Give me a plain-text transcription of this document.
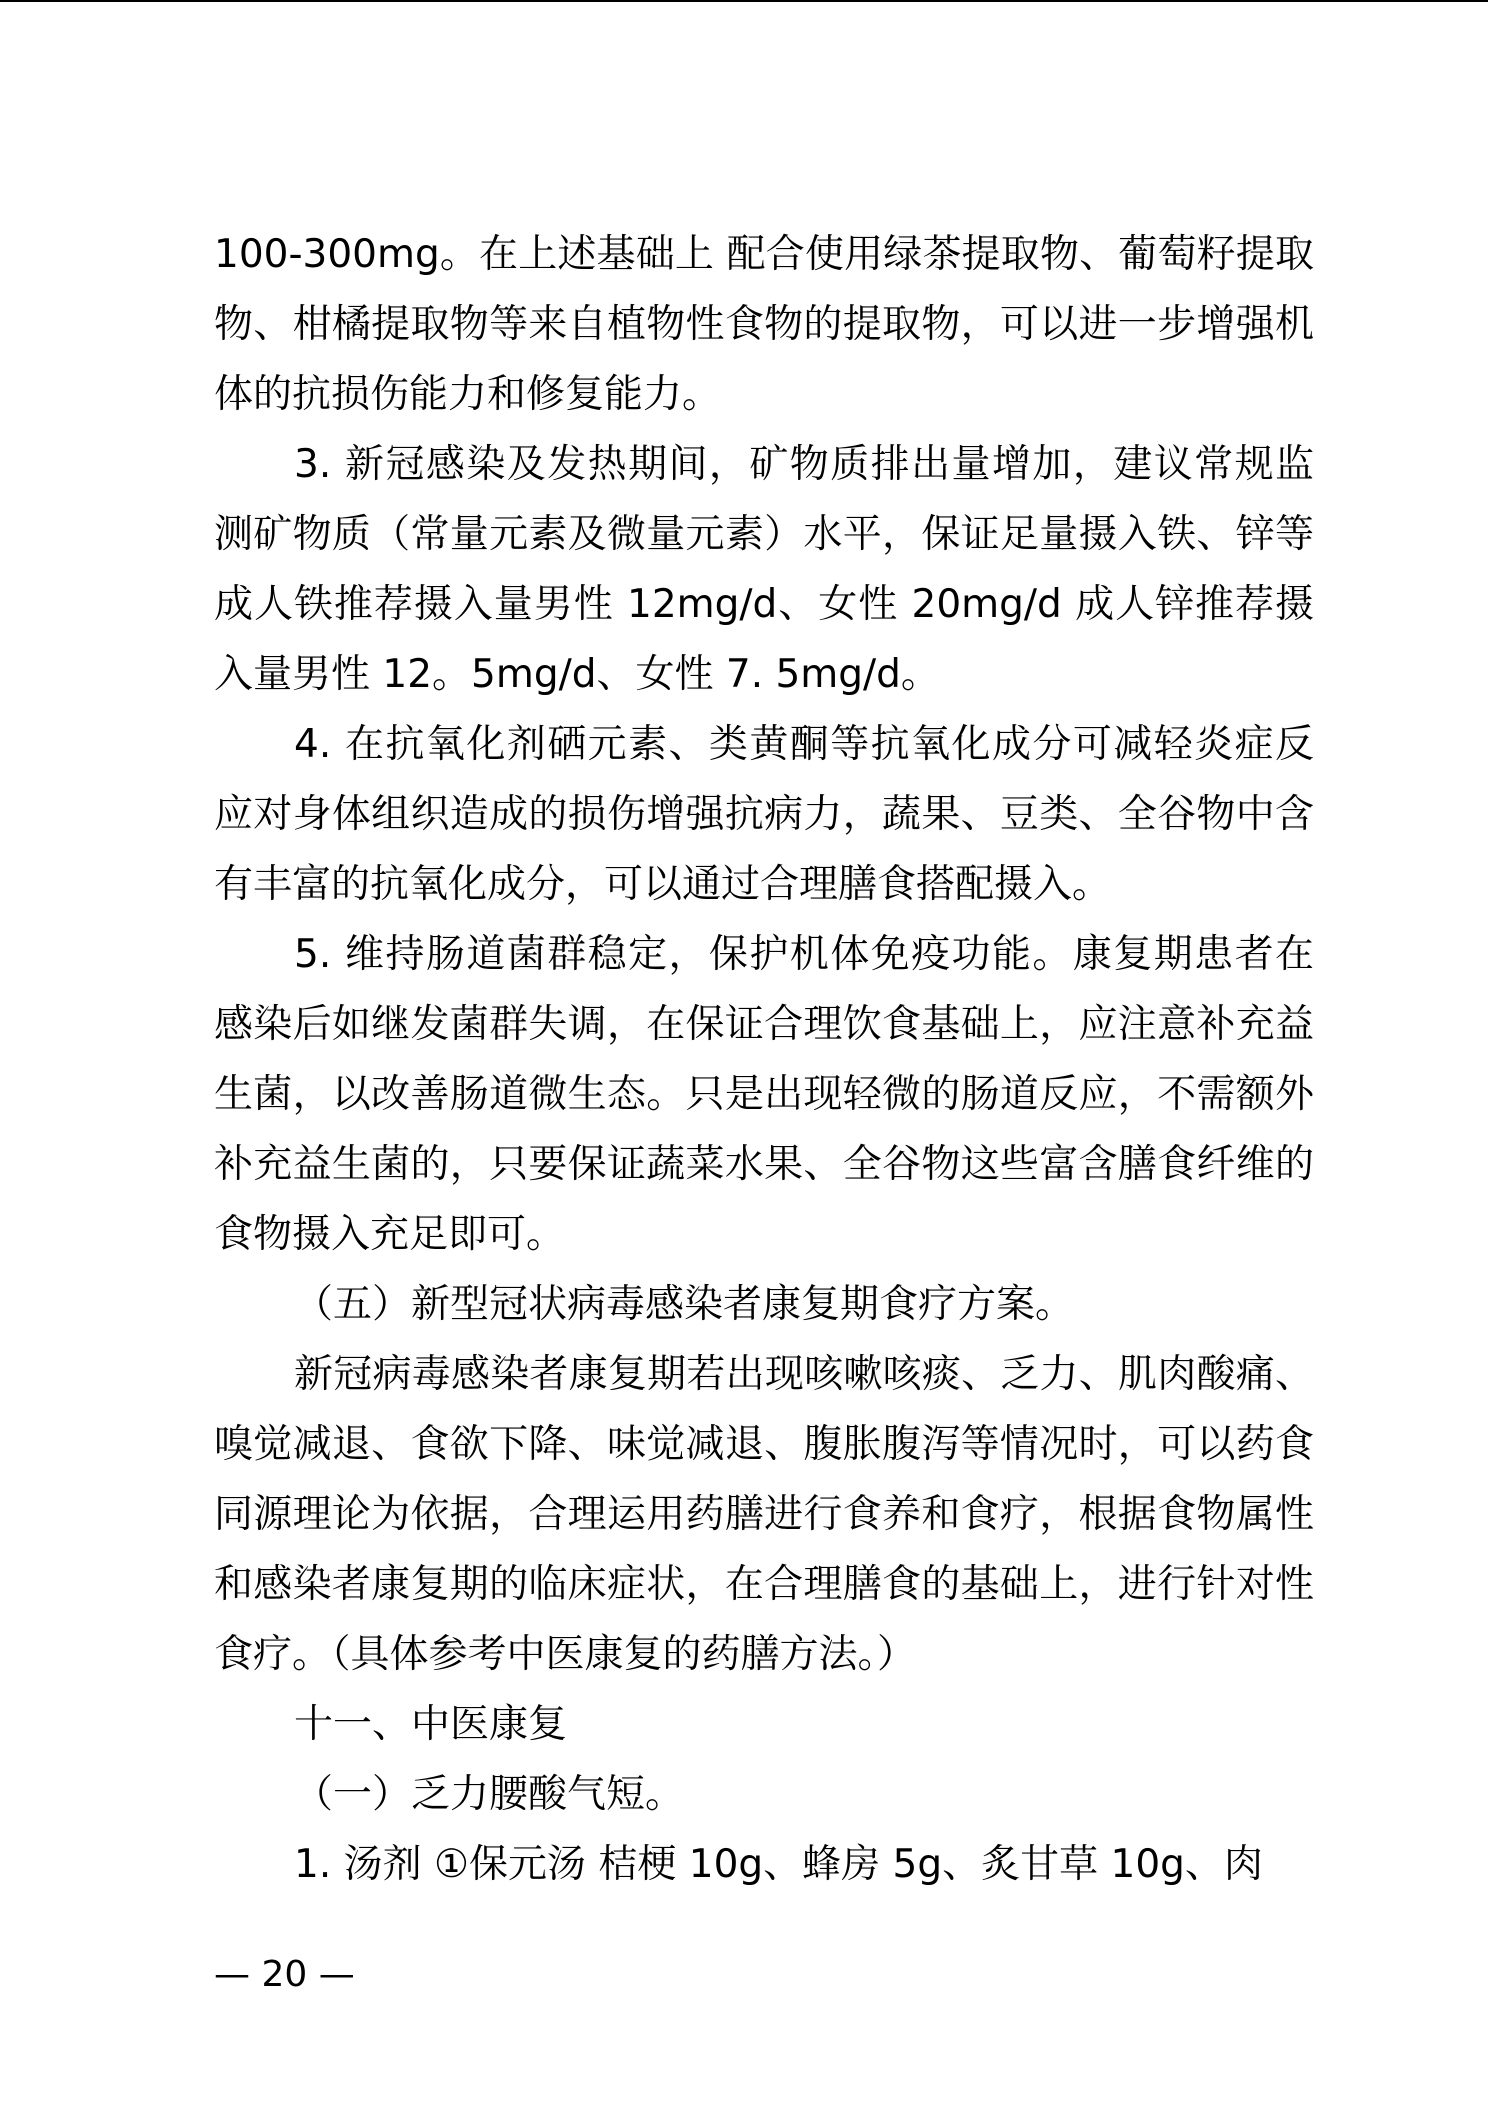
100-300mg。在上述基础上 配合使用绿茶提取物、葡萄籽提取物、柑橘提取物等来自植物性食物的提取物，可以进一步增强机体的抗损伤能力和修复能力。

3. 新冠感染及发热期间，矿物质排出量增加，建议常规监测矿物质（常量元素及微量元素）水平，保证足量摄入铁、锌等 成人铁推荐摄入量男性 12mg/d、女性 20mg/d 成人锌推荐摄入量男性 12。5mg/d、女性 7. 5mg/d。

4. 在抗氧化剂硒元素、类黄酮等抗氧化成分可减轻炎症反应对身体组织造成的损伤增强抗病力，蔬果、豆类、全谷物中含有丰富的抗氧化成分，可以通过合理膳食搭配摄入。

5. 维持肠道菌群稳定，保护机体免疫功能。康复期患者在感染后如继发菌群失调，在保证合理饮食基础上，应注意补充益生菌，以改善肠道微生态。只是出现轻微的肠道反应，不需额外补充益生菌的，只要保证蔬菜水果、全谷物这些富含膳食纤维的食物摄入充足即可。

（五）新型冠状病毒感染者康复期食疗方案。

新冠病毒感染者康复期若出现咳嗽咳痰、乏力、肌肉酸痛、嗅觉减退、食欲下降、味觉减退、腹胀腹泻等情况时，可以药食同源理论为依据，合理运用药膳进行食养和食疗，根据食物属性和感染者康复期的临床症状，在合理膳食的基础上，进行针对性食疗。（具体参考中医康复的药膳方法。）

十一、中医康复

（一）乏力腰酸气短。

1. 汤剂 ①保元汤 桔梗 10g、蜂房 5g、炙甘草 10g、肉

— 20 —
